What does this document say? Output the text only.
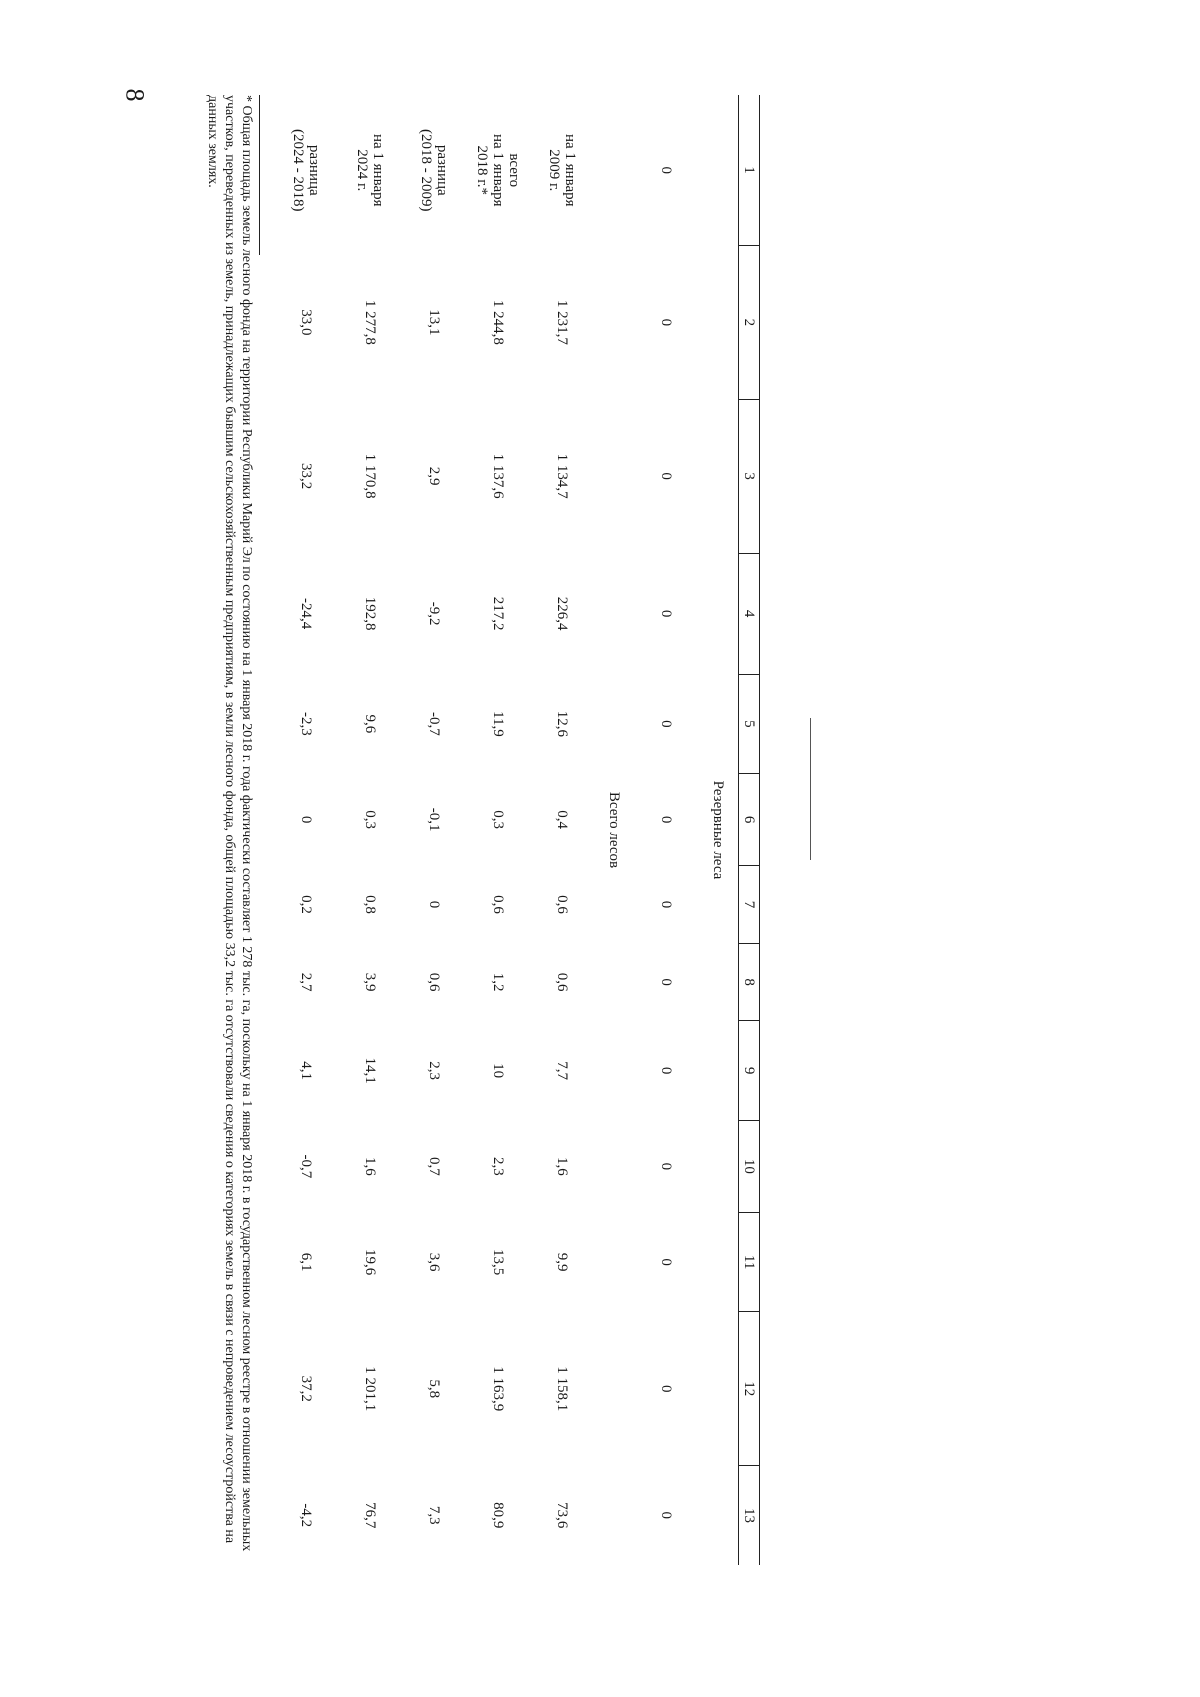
8
1	2	3	4	5	6	7	8	9	10	11	12	13
Резервные леса												
0	0	0	0	0	0	0	0	0	0	0	0	0
Всего лесов												
на 1 января
2009 г.	1 231,7	1 134,7	226,4	12,6	0,4	0,6	0,6	7,7	1,6	9,9	1 158,1	73,6
всего
на 1 января
2018 г.*	1 244,8	1 137,6	217,2	11,9	0,3	0,6	1,2	10	2,3	13,5	1 163,9	80,9
разница
(2018 - 2009)	13,1	2,9	-9,2	-0,7	-0,1	0	0,6	2,3	0,7	3,6	5,8	7,3
на 1 января
2024 г.	1 277,8	1 170,8	192,8	9,6	0,3	0,8	3,9	14,1	1,6	19,6	1 201,1	76,7
разница
(2024 - 2018)	33,0	33,2	-24,4	-2,3	0	0,2	2,7	4,1	-0,7	6,1	37,2	-4,2
* Общая площадь земель лесного фонда на территории Республики Марий Эл по состоянию на 1 января 2018 г. года фактически составляет 1 278 тыс. га, поскольку на 1 января 2018 г. в государственном лесном реестре в отношении земельных участков, переведенных из земель, принадлежащих бывшим сельскохозяйственным предприятиям, в земли лесного фонда, общей площадью 33,2 тыс. га отсутствовали сведения о категориях земель в связи с непроведением лесоустройства на данных землях.
